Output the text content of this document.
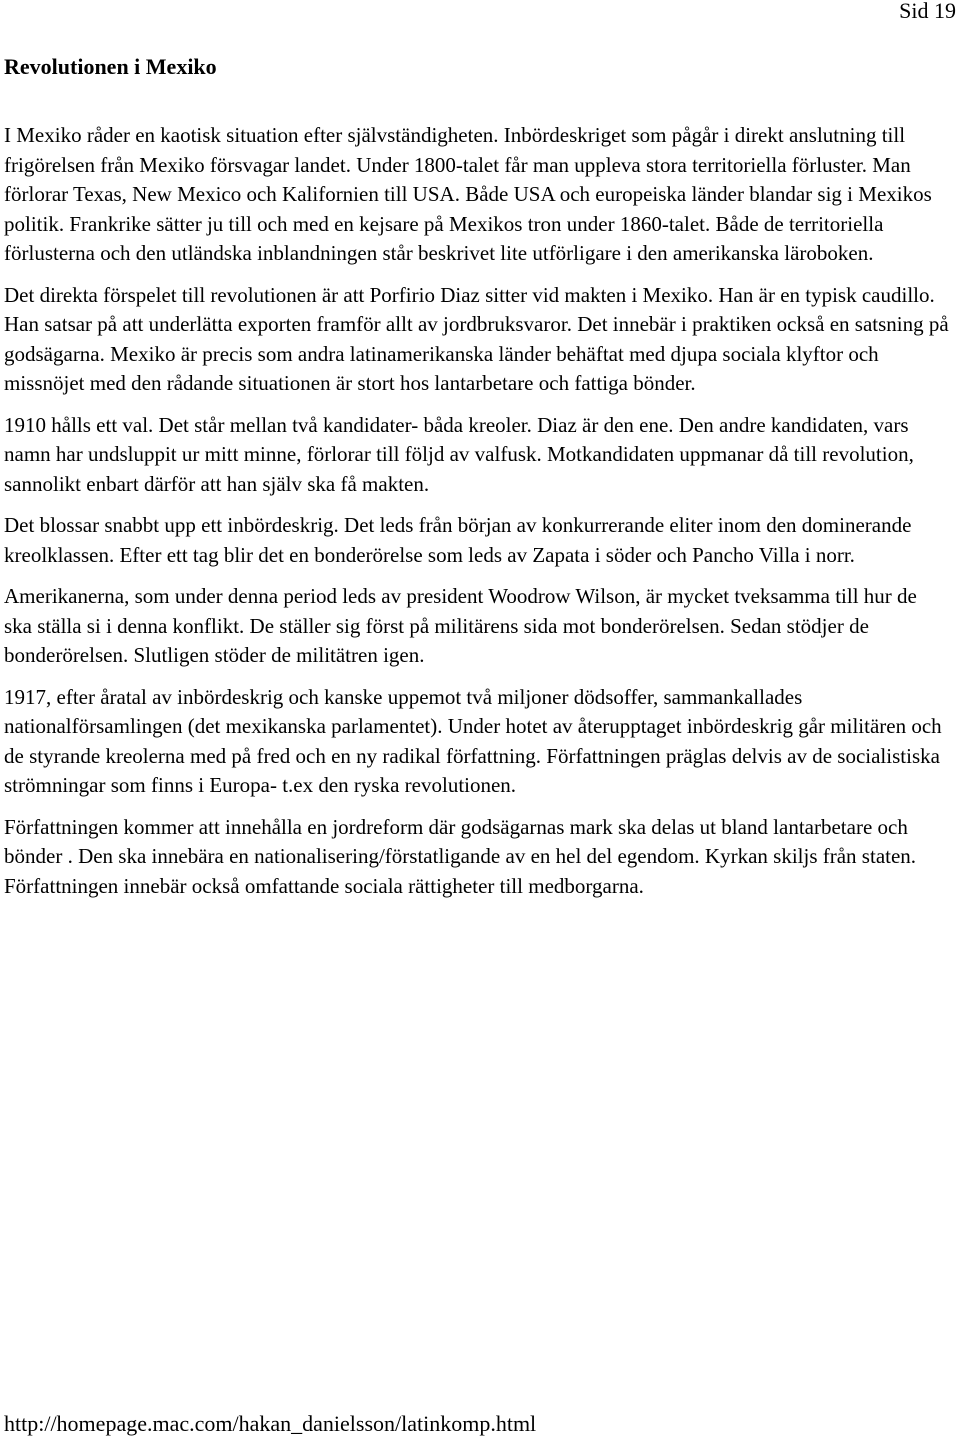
Sid 19
Revolutionen i Mexiko

I Mexiko råder en kaotisk situation efter självständigheten. Inbördeskriget som pågår i direkt anslutning till frigörelsen från Mexiko försvagar landet. Under 1800-talet får man uppleva stora territoriella förluster. Man förlorar Texas, New Mexico och Kalifornien till USA. Både USA och europeiska länder blandar sig i Mexikos politik. Frankrike sätter ju till och med en kejsare på Mexikos tron under 1860-talet. Både de territoriella förlusterna och den utländska inblandningen står beskrivet lite utförligare i den amerikanska läroboken.

Det direkta förspelet till revolutionen är att Porfirio Diaz sitter vid makten i Mexiko. Han är en typisk caudillo. Han satsar på att underlätta exporten framför allt av jordbruksvaror. Det innebär i praktiken också en satsning på godsägarna. Mexiko är precis som andra latinamerikanska länder behäftat med djupa sociala klyftor och missnöjet med den rådande situationen är stort hos lantarbetare och fattiga bönder.

1910 hålls ett val. Det står mellan två kandidater- båda kreoler. Diaz är den ene. Den andre kandidaten, vars namn har undsluppit ur mitt minne, förlorar till följd av valfusk. Motkandidaten uppmanar då till revolution, sannolikt enbart därför att han själv ska få makten.

Det blossar snabbt upp ett inbördeskrig. Det leds från början av konkurrerande eliter inom den dominerande kreolklassen. Efter ett tag blir det en bonderörelse som leds av Zapata i söder och Pancho Villa i norr.

Amerikanerna, som under denna period leds av president Woodrow Wilson, är mycket tveksamma till hur de ska ställa si i denna konflikt. De ställer sig först på militärens sida mot bonderörelsen. Sedan stödjer de bonderörelsen. Slutligen stöder de militätren igen.

1917, efter åratal av inbördeskrig och kanske uppemot två miljoner dödsoffer, sammankallades nationalförsamlingen (det mexikanska parlamentet). Under hotet av återupptaget inbördeskrig går militären och de styrande kreolerna med på fred och en ny radikal författning. Författningen präglas delvis av de socialistiska strömningar som finns i Europa- t.ex den ryska revolutionen.

Författningen kommer att innehålla en jordreform där godsägarnas mark ska delas ut bland lantarbetare och bönder . Den ska innebära en nationalisering/förstatligande av en hel del egendom. Kyrkan skiljs från staten. Författningen innebär också omfattande sociala rättigheter till medborgarna.

http://homepage.mac.com/hakan_danielsson/latinkomp.html
